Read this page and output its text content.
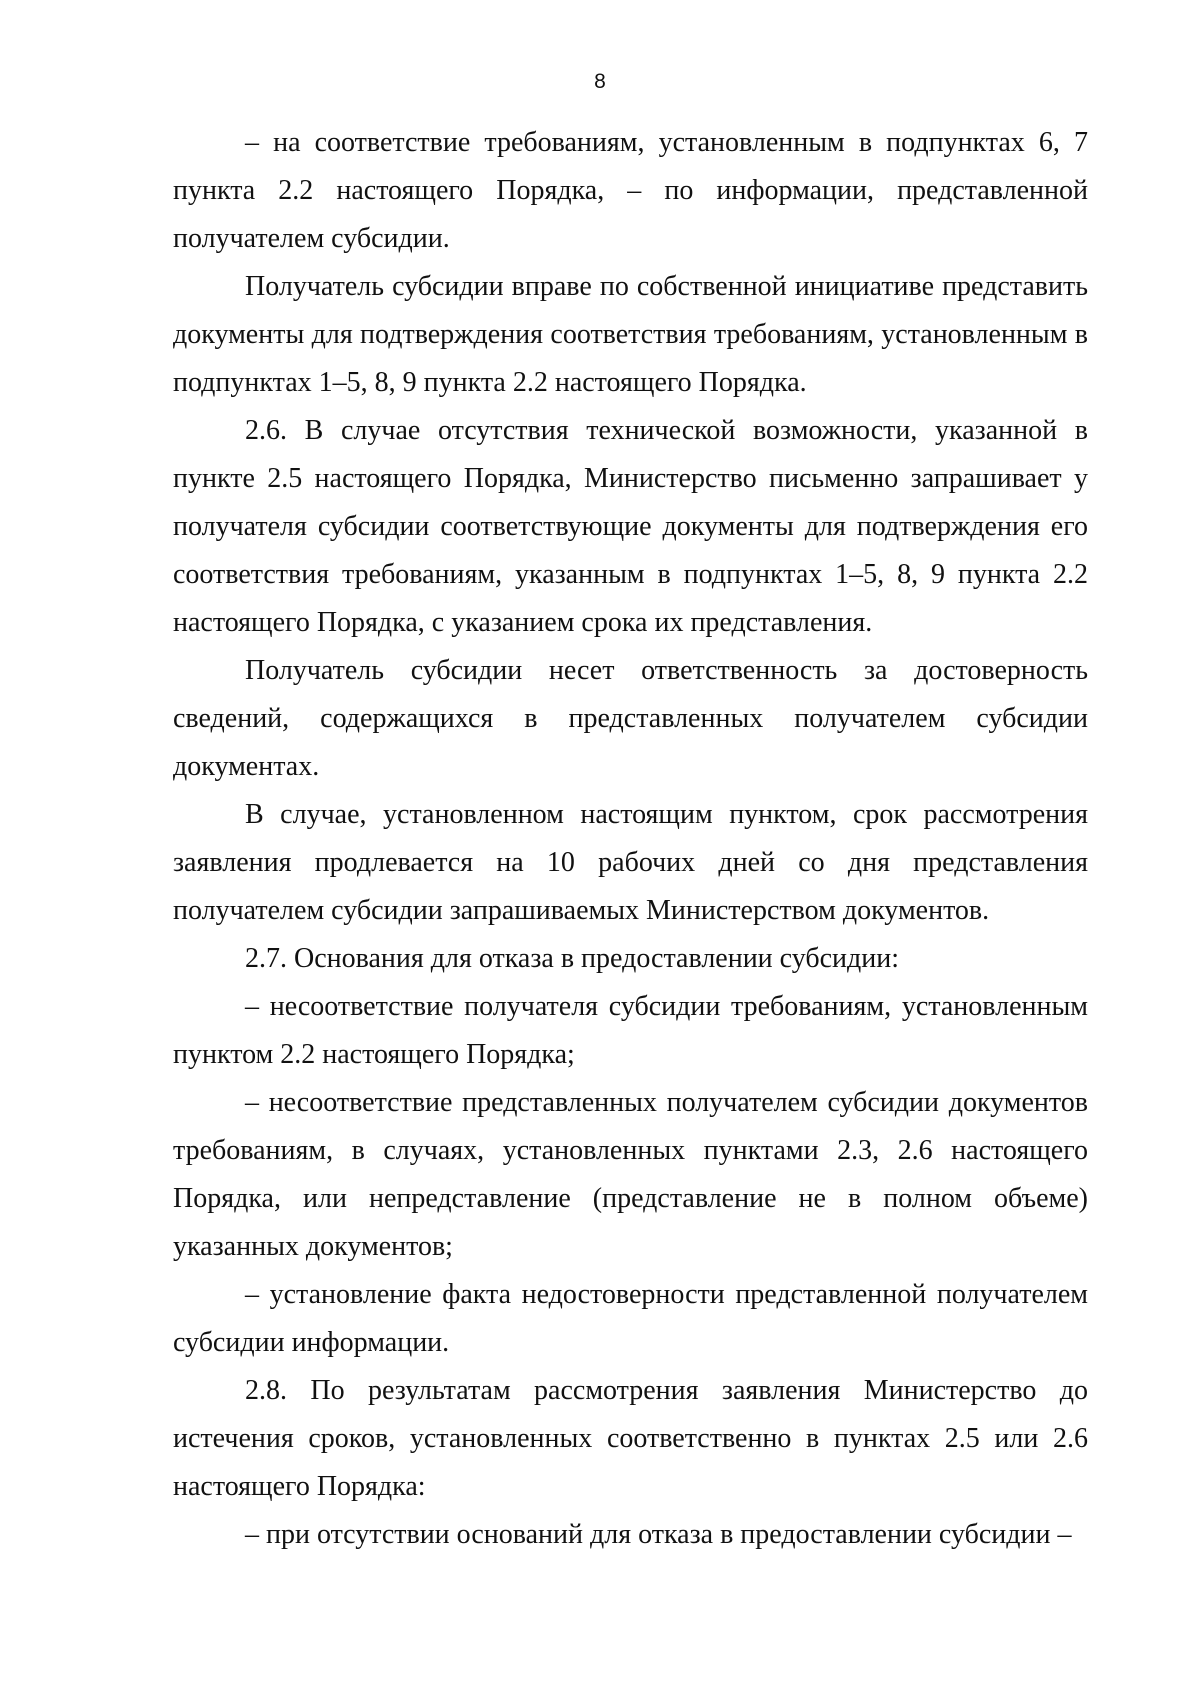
8

– на соответствие требованиям, установленным в подпунктах 6, 7 пункта 2.2 настоящего Порядка, – по информации, представленной получателем субсидии.

Получатель субсидии вправе по собственной инициативе представить документы для подтверждения соответствия требованиям, установленным в подпунктах 1–5, 8, 9 пункта 2.2 настоящего Порядка.

2.6. В случае отсутствия технической возможности, указанной в пункте 2.5 настоящего Порядка, Министерство письменно запрашивает у получателя субсидии соответствующие документы для подтверждения его соответствия требованиям, указанным в подпунктах 1–5, 8, 9 пункта 2.2 настоящего Порядка, с указанием срока их представления.

Получатель субсидии несет ответственность за достоверность сведений, содержащихся в представленных получателем субсидии документах.

В случае, установленном настоящим пунктом, срок рассмотрения заявления продлевается на 10 рабочих дней со дня представления получателем субсидии запрашиваемых Министерством документов.

2.7. Основания для отказа в предоставлении субсидии:

– несоответствие получателя субсидии требованиям, установленным пунктом 2.2 настоящего Порядка;

– несоответствие представленных получателем субсидии документов требованиям, в случаях, установленных пунктами 2.3, 2.6 настоящего Порядка, или непредставление (представление не в полном объеме) указанных документов;

– установление факта недостоверности представленной получателем субсидии информации.

2.8. По результатам рассмотрения заявления Министерство до истечения сроков, установленных соответственно в пунктах 2.5 или 2.6 настоящего Порядка:

– при отсутствии оснований для отказа в предоставлении субсидии –
